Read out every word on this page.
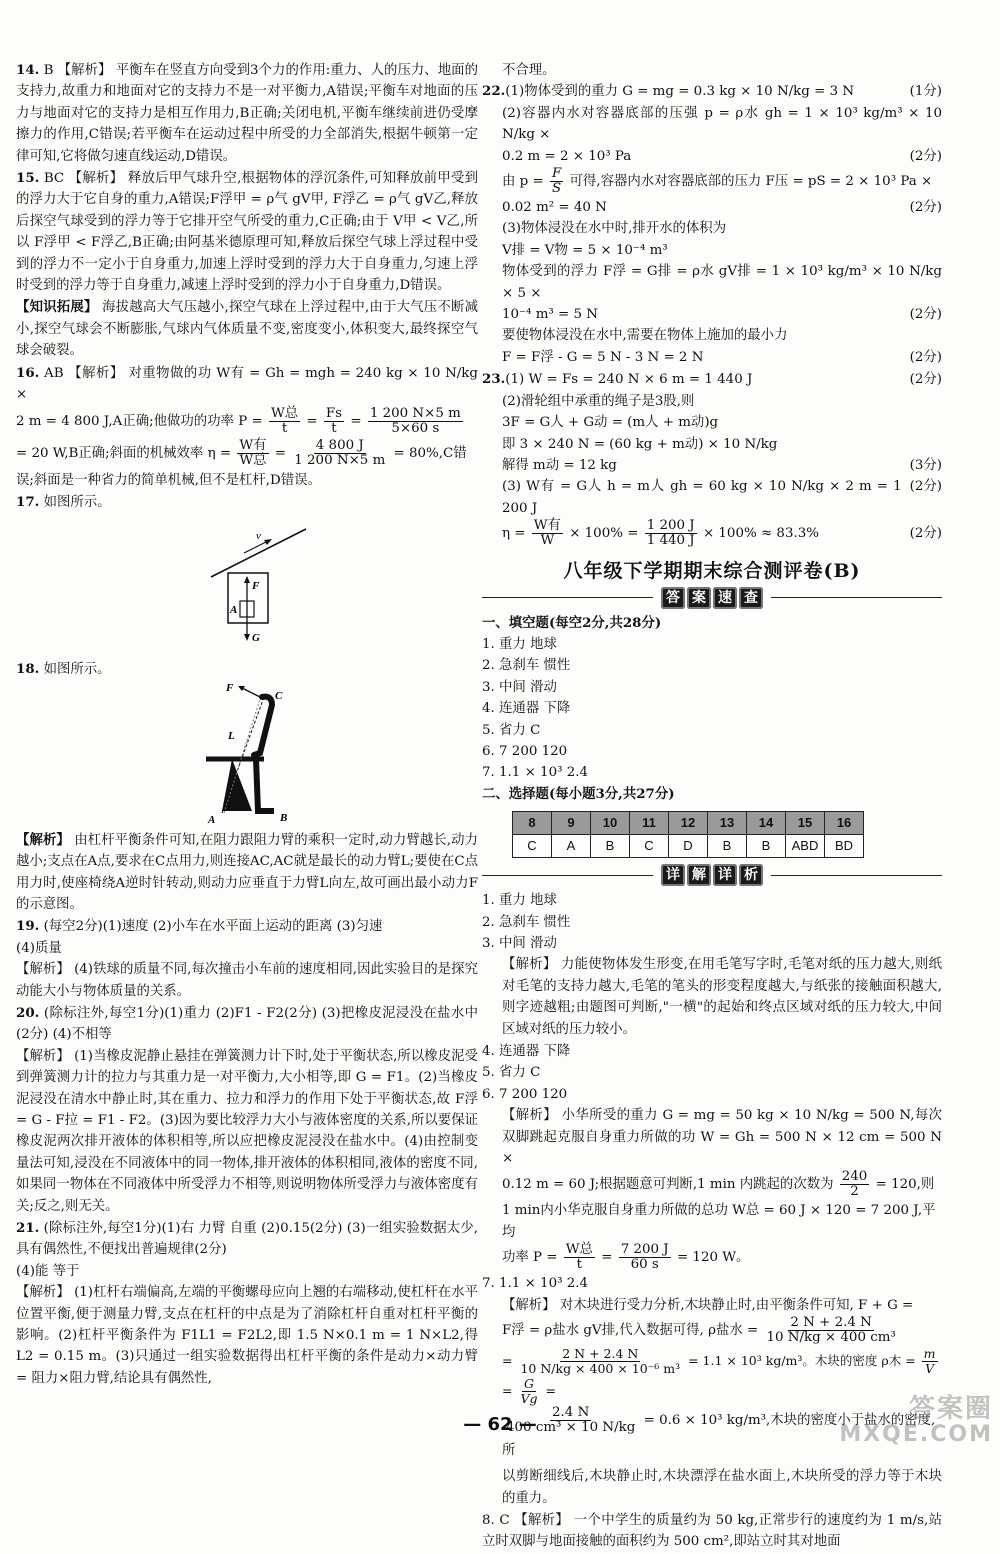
14. B 【解析】 平衡车在竖直方向受到3个力的作用:重力、人的压力、地面的支持力,故重力和地面对它的支持力不是一对平衡力,A错误;平衡车对地面的压力与地面对它的支持力是相互作用力,B正确;关闭电机,平衡车继续前进仍受摩擦力的作用,C错误;若平衡车在运动过程中所受的力全部消失,根据牛顿第一定律可知,它将做匀速直线运动,D错误。
15. BC 【解析】 释放后甲气球升空,根据物体的浮沉条件,可知释放前甲受到的浮力大于它自身的重力,A错误;F浮甲 = ρ气 gV甲, F浮乙 = ρ气 gV乙,释放后探空气球受到的浮力等于它排开空气所受的重力,C正确;由于 V甲 < V乙,所以 F浮甲 < F浮乙,B正确;由阿基米德原理可知,释放后探空气球上浮过程中受到的浮力不一定小于自身重力,加速上浮时受到的浮力大于自身重力,匀速上浮时受到的浮力等于自身重力,减速上浮时受到的浮力小于自身重力,D错误。
【知识拓展】 海拔越高大气压越小,探空气球在上浮过程中,由于大气压不断减小,探空气球会不断膨胀,气球内气体质量不变,密度变小,体积变大,最终探空气球会破裂。
16. AB 【解析】 对重物做的功 W有 = Gh = mgh = 240 kg × 10 N/kg ×
2 m = 4 800 J,A正确;他做功的功率 $P = \frac{\text{W总}}{t} = \frac{Fs}{t} = \frac{1 200 N\times 5 m}{5\times 60 s}$
= 20 W,B正确;斜面的机械效率 $\eta = \frac{\text{W有}}{\text{W总}} = \frac{4 800 J}{1 200 N\times 5 m} = 80\%,C$错
误;斜面是一种省力的简单机械,但不是杠杆,D错误。
17. 如图所示。
v
F
A
G
18. 如图所示。
F
C
L
A	B
【解析】 由杠杆平衡条件可知,在阻力跟阻力臂的乘积一定时,动力臂越长,动力越小;支点在A点,要求在C点用力,则连接AC,AC就是最长的动力臂L;要使在C点用力时,使座椅绕A逆时针转动,则动力应垂直于力臂L向左,故可画出最小动力F的示意图。
19. (每空2分)(1)速度 (2)小车在水平面上运动的距离 (3)匀速
(4)质量
【解析】 (4)铁球的质量不同,每次撞击小车前的速度相同,因此实验目的是探究动能大小与物体质量的关系。
20. (除标注外,每空1分)(1)重力 (2)F1 - F2(2分) (3)把橡皮泥浸没在盐水中(2分) (4)不相等
【解析】 (1)当橡皮泥静止悬挂在弹簧测力计下时,处于平衡状态,所以橡皮泥受到弹簧测力计的拉力与其重力是一对平衡力,大小相等,即 G = F1。(2)当橡皮泥浸没在清水中静止时,其在重力、拉力和浮力的作用下处于平衡状态,故 F浮 = G - F拉 = F1 - F2。(3)因为要比较浮力大小与液体密度的关系,所以要保证橡皮泥两次排开液体的体积相等,所以应把橡皮泥浸没在盐水中。(4)由控制变量法可知,浸没在不同液体中的同一物体,排开液体的体积相同,液体的密度不同,如果同一物体在不同液体中所受浮力不相等,则说明物体所受浮力与液体密度有关;反之,则无关。
21. (除标注外,每空1分)(1)右 力臂 自重 (2)0.15(2分) (3)一组实验数据太少,具有偶然性,不便找出普遍规律(2分)
(4)能 等于
【解析】 (1)杠杆右端偏高,左端的平衡螺母应向上翘的右端移动,使杠杆在水平位置平衡,便于测量力臂,支点在杠杆的中点是为了消除杠杆自重对杠杆平衡的影响。(2)杠杆平衡条件为 F1L1 = F2L2,即 1.5 N×0.1 m = 1 N×L2,得 L2 = 0.15 m。(3)只通过一组实验数据得出杠杆平衡的条件是动力×动力臂 = 阻力×阻力臂,结论具有偶然性,
不合理。
22.(1)物体受到的重力 G = mg = 0.3 kg × 10 N/kg = 3 N	(1分)
(2)容器内水对容器底部的压强 p = ρ水 gh = 1 × 10³ kg/m³ × 10 N/kg ×
0.2 m = 2 × 10³ Pa	(2分)
由 $p = \frac{F}{S}$ 可得,容器内水对容器底部的压力 F压 = pS = 2 × 10³ Pa ×
0.02 m² = 40 N	(2分)
(3)物体浸没在水中时,排开水的体积为
V排 = V物 = 5 × 10⁻⁴ m³
物体受到的浮力 F浮 = G排 = ρ水 gV排 = 1 × 10³ kg/m³ × 10 N/kg × 5 ×
10⁻⁴ m³ = 5 N	(2分)
要使物体浸没在水中,需要在物体上施加的最小力
F = F浮 - G = 5 N - 3 N = 2 N	(2分)
23.(1) W = Fs = 240 N × 6 m = 1 440 J	(2分)
(2)滑轮组中承重的绳子是3股,则
3F = G人 + G动 = (m人 + m动)g
即 3 × 240 N = (60 kg + m动) × 10 N/kg
解得 m动 = 12 kg	(3分)
(3) W有 = G人 h = m人 gh = 60 kg × 10 N/kg × 2 m = 1 200 J
(2分)
$\eta = \frac{\text{W有}}{W} \times 100\% = \frac{1 200 J}{1 440 J} \times 100\% \approx 83.3\%$	(2分)
八年级下学期期末综合测评卷(B)
答 案 速 查
一、填空题(每空2分,共28分)
1. 重力 地球
2. 急刹车 惯性
3. 中间 滑动
4. 连通器 下降
5. 省力 C
6. 7 200 120
7. 1.1 × 10³ 2.4
二、选择题(每小题3分,共27分)
8	9	10	11	12	13	14	15	16
C	A	B	C	D	B	B	ABD	BD
详 解 详 析
1. 重力 地球
2. 急刹车 惯性
3. 中间 滑动
【解析】 力能使物体发生形变,在用毛笔写字时,毛笔对纸的压力越大,则纸对毛笔的支持力越大,毛笔的笔头的形变程度越大,与纸张的接触面积越大,则字迹越粗;由题图可判断,"一横"的起始和终点区域对纸的压力较大,中间区域对纸的压力较小。
4. 连通器 下降
5. 省力 C
6. 7 200 120
【解析】 小华所受的重力 G = mg = 50 kg × 10 N/kg = 500 N,每次双脚跳起克服自身重力所做的功 W = Gh = 500 N × 12 cm = 500 N ×
0.12 m = 60 J;根据题意可判断,1 min 内跳起的次数为 $\frac{240}{2} = 120$,则
1 min内小华克服自身重力所做的总功 W总 = 60 J × 120 = 7 200 J,平均
功率 $P = \frac{\text{W总}}{t} = \frac{7 200 J}{60 s} = 120$ W。
7. 1.1 × 10³ 2.4
【解析】 对木块进行受力分析,木块静止时,由平衡条件可知, F + G =
F浮 = ρ盐水 gV排,代入数据可得, ρ盐水 = $\frac{2 N + 2.4 N}{\text{10 N/kg × 400 cm³}}$
= $\frac{2 N + 2.4 N}{\text{10 N/kg × 400 × 10⁻⁶ m³}} = 1.1 \times 10^3$ kg/m³。木块的密度 ρ木 = $\frac{m}{V}$
= $\frac{G}{Vg}$ =
$\frac{2.4 N}{\text{400 cm³ × 10 N/kg}} = 0.6 \times 10^3$ kg/m³,木块的密度小于盐水的密度,所
以剪断细线后,木块静止时,木块漂浮在盐水面上,木块所受的浮力等于木块的重力。
8. C 【解析】 一个中学生的质量约为 50 kg,正常步行的速度约为 1 m/s,站立时双脚与地面接触的面积约为 500 cm²,即站立时其对地面
— 62 —
答案圈
MXQE.COM
